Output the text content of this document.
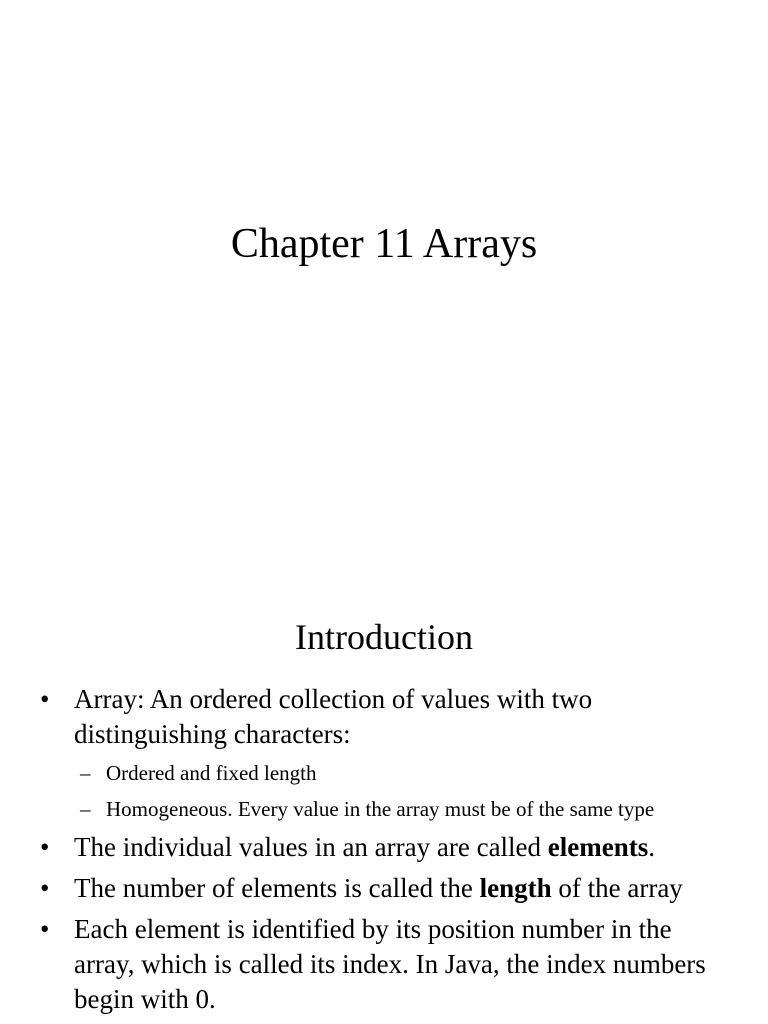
Chapter 11 Arrays
Introduction
• Array: An ordered collection of values with two distinguishing characters:
– Ordered and fixed length
– Homogeneous. Every value in the array must be of the same type
• The individual values in an array are called elements.
• The number of elements is called the length of the array
• Each element is identified by its position number in the array, which is called its index. In Java, the index numbers begin with 0.
